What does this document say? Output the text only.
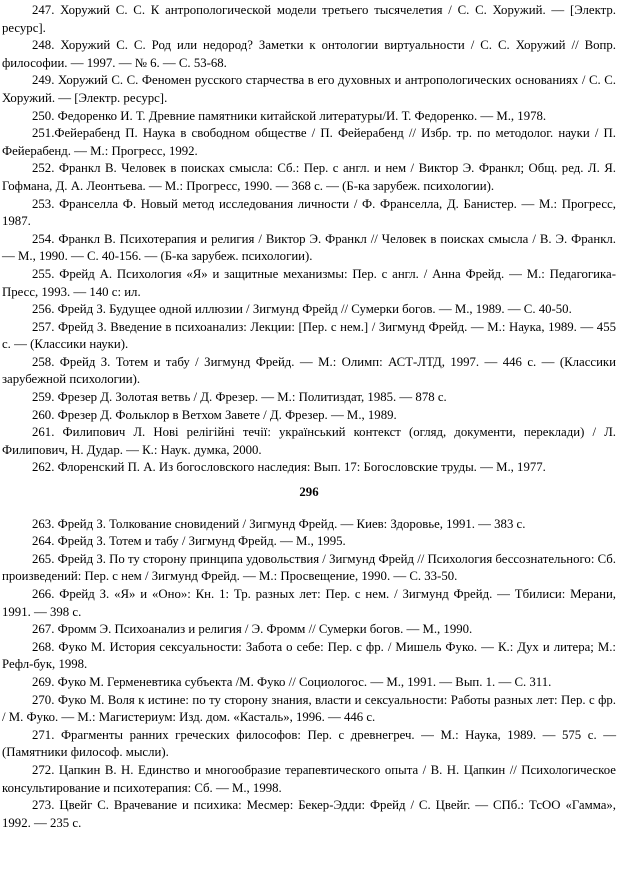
247. Хоружий С. С. К антропологической модели третьего тысячелетия / С. С. Хоружий. — [Электр. ресурс].

248. Хоружий С. С. Род или недород? Заметки к онтологии виртуальности / С. С. Хоружий // Вопр. философии. — 1997. — № 6. — С. 53-68.

249. Хоружий С. С. Феномен русского старчества в его духовных и антропологических основаниях / С. С. Хоружий. — [Электр. ресурс].

250. Федоренко И. Т. Древние памятники китайской литературы/И. Т. Федоренко. — М., 1978.

251.Фейерабенд П. Наука в свободном обществе / П. Фейерабенд // Избр. тр. по методолог. науки / П. Фейерабенд. — М.: Прогресс, 1992.

252. Франкл В. Человек в поисках смысла: Сб.: Пер. с англ. и нем / Виктор Э. Франкл; Общ. ред. Л. Я. Гофмана, Д. А. Леонтьева. — М.: Прогресс, 1990. — 368 с. — (Б-ка зарубеж. психологии).

253. Франселла Ф. Новый метод исследования личности / Ф. Франселла, Д. Банистер. — М.: Прогресс, 1987.

254. Франкл В. Психотерапия и религия / Виктор Э. Франкл // Человек в поисках смысла / В. Э. Франкл. — М., 1990. — С. 40-156. — (Б-ка зарубеж. психологии).

255. Фрейд А. Психология «Я» и защитные механизмы: Пер. с англ. / Анна Фрейд. — М.: Педагогика-Пресс, 1993. — 140 с: ил.

256. Фрейд З. Будущее одной иллюзии / Зигмунд Фрейд // Сумерки богов. — М., 1989. — С. 40-50.

257. Фрейд З. Введение в психоанализ: Лекции: [Пер. с нем.] / Зигмунд Фрейд. — М.: Наука, 1989. — 455 с. — (Классики науки).

258. Фрейд З. Тотем и табу / Зигмунд Фрейд. — М.: Олимп: АСТ-ЛТД, 1997. — 446 с. — (Классики зарубежной психологии).

259. Фрезер Д. Золотая ветвь / Д. Фрезер. — М.: Политиздат, 1985. — 878 с.

260. Фрезер Д. Фольклор в Ветхом Завете / Д. Фрезер. — М., 1989.

261. Филипович Л. Нові релігійні течії: український контекст (огляд, документи, переклади) / Л. Филипович, Н. Дудар. — К.: Наук. думка, 2000.

262. Флоренский П. А. Из богословского наследия: Вып. 17: Богословские труды. — М., 1977.

296

263. Фрейд З. Толкование сновидений / Зигмунд Фрейд. — Киев: Здоровье, 1991. — 383 с.

264. Фрейд З. Тотем и табу / Зигмунд Фрейд. — М., 1995.

265. Фрейд З. По ту сторону принципа удовольствия / Зигмунд Фрейд // Психология бессознательного: Сб. произведений: Пер. с нем / Зигмунд Фрейд. — М.: Просвещение, 1990. — С. 33-50.

266. Фрейд З. «Я» и «Оно»: Кн. 1: Тр. разных лет: Пер. с нем. / Зигмунд Фрейд. — Тбилиси: Мерани, 1991. — 398 с.

267. Фромм Э. Психоанализ и религия / Э. Фромм // Сумерки богов. — М., 1990.

268. Фуко М. История сексуальности: Забота о себе: Пер. с фр. / Мишель Фуко. — К.: Дух и литера; М.: Рефл-бук, 1998.

269. Фуко М. Герменевтика субъекта /М. Фуко // Социологос. — М., 1991. — Вып. 1. — С. 311.

270. Фуко М. Воля к истине: по ту сторону знания, власти и сексуальности: Работы разных лет: Пер. с фр. / М. Фуко. — М.: Магистериум: Изд. дом. «Касталь», 1996. — 446 с.

271. Фрагменты ранних греческих философов: Пер. с древнегреч. — М.: Наука, 1989. — 575 с. — (Памятники философ. мысли).

272. Цапкин В. Н. Единство и многообразие терапевтического опыта / В. Н. Цапкин // Психологическое консультирование и психотерапия: Сб. — М., 1998.

273. Цвейг С. Врачевание и психика: Месмер: Бекер-Эдди: Фрейд / С. Цвейг. — СПб.: ТсОО «Гамма», 1992. — 235 с.
